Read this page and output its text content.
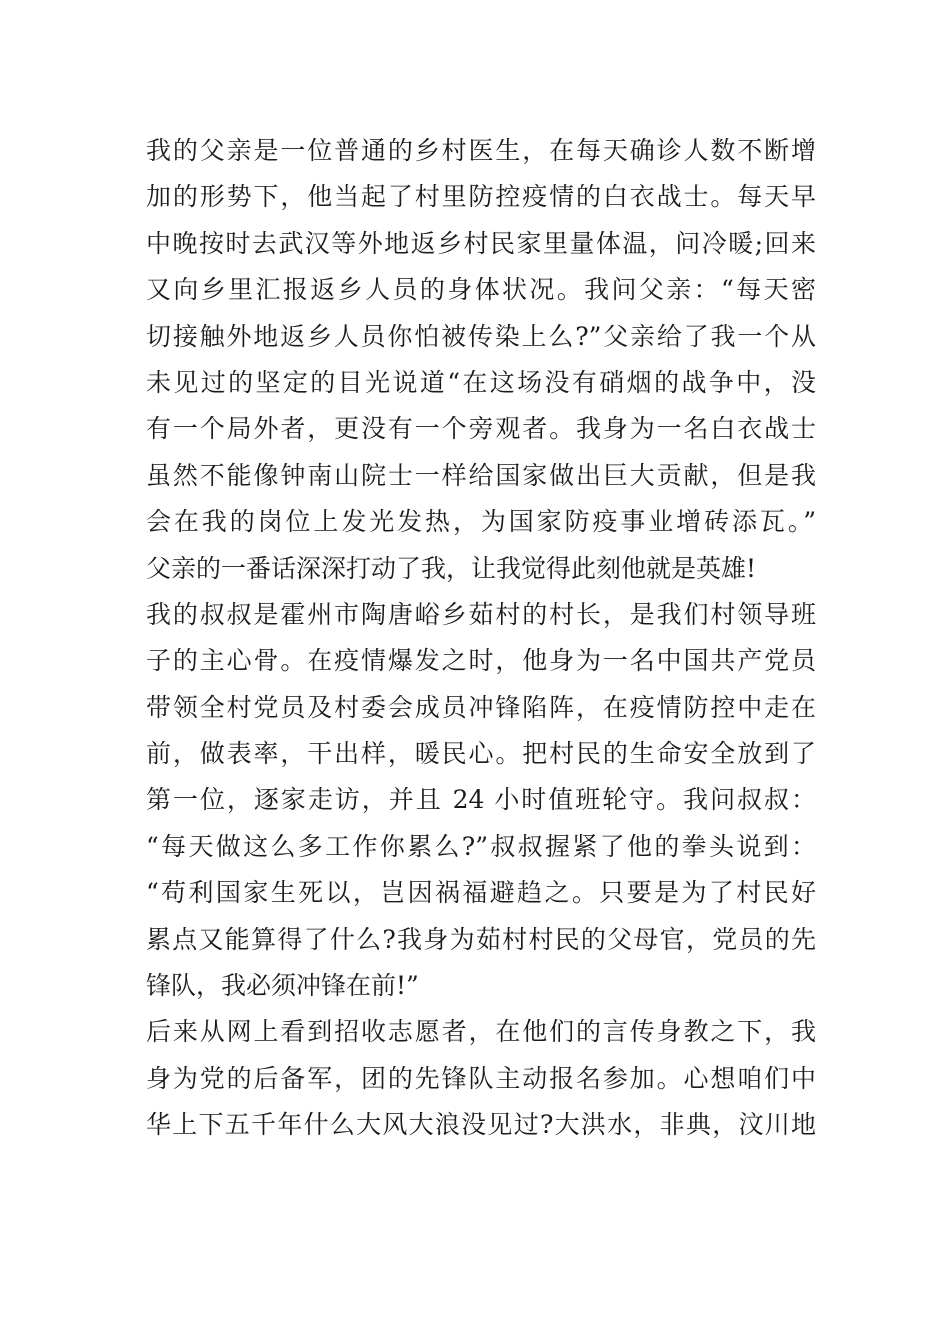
我的父亲是一位普通的乡村医生，在每天确诊人数不断增
加的形势下，他当起了村里防控疫情的白衣战士。每天早
中晚按时去武汉等外地返乡村民家里量体温，问冷暖;回来
又向乡里汇报返乡人员的身体状况。我问父亲：“每天密
切接触外地返乡人员你怕被传染上么?”父亲给了我一个从
未见过的坚定的目光说道“在这场没有硝烟的战争中，没
有一个局外者，更没有一个旁观者。我身为一名白衣战士
虽然不能像钟南山院士一样给国家做出巨大贡献，但是我
会在我的岗位上发光发热，为国家防疫事业增砖添瓦。”
父亲的一番话深深打动了我，让我觉得此刻他就是英雄!
我的叔叔是霍州市陶唐峪乡茹村的村长，是我们村领导班
子的主心骨。在疫情爆发之时，他身为一名中国共产党员
带领全村党员及村委会成员冲锋陷阵，在疫情防控中走在
前，做表率，干出样，暖民心。把村民的生命安全放到了
第一位，逐家走访，并且 24 小时值班轮守。我问叔叔：
“每天做这么多工作你累么?”叔叔握紧了他的拳头说到：
“苟利国家生死以，岂因祸福避趋之。只要是为了村民好
累点又能算得了什么?我身为茹村村民的父母官，党员的先
锋队，我必须冲锋在前!”
后来从网上看到招收志愿者，在他们的言传身教之下，我
身为党的后备军，团的先锋队主动报名参加。心想咱们中
华上下五千年什么大风大浪没见过?大洪水，非典，汶川地
